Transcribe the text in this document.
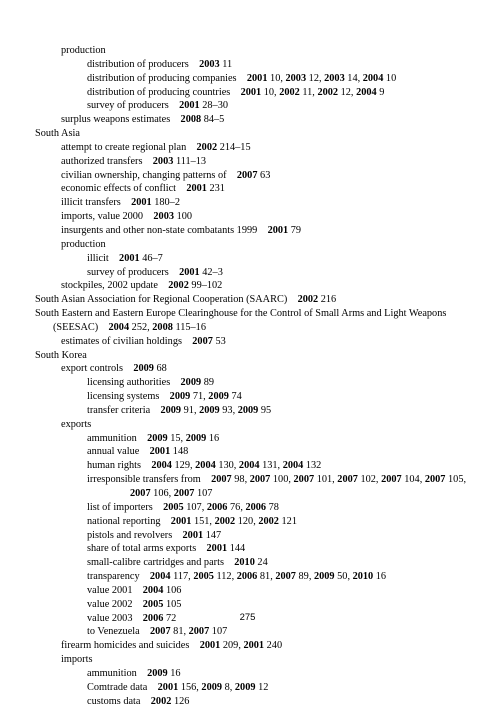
production
distribution of producers  2003 11
distribution of producing companies  2001 10, 2003 12, 2003 14, 2004 10
distribution of producing countries  2001 10, 2002 11, 2002 12, 2004 9
survey of producers  2001 28–30
surplus weapons estimates  2008 84–5
South Asia
attempt to create regional plan  2002 214–15
authorized transfers  2003 111–13
civilian ownership, changing patterns of  2007 63
economic effects of conflict  2001 231
illicit transfers  2001 180–2
imports, value 2000  2003 100
insurgents and other non-state combatants 1999  2001 79
production
illicit  2001 46–7
survey of producers  2001 42–3
stockpiles, 2002 update  2002 99–102
South Asian Association for Regional Cooperation (SAARC)  2002 216
South Eastern and Eastern Europe Clearinghouse for the Control of Small Arms and Light Weapons (SEESAC)  2004 252, 2008 115–16
estimates of civilian holdings  2007 53
South Korea
export controls  2009 68
licensing authorities  2009 89
licensing systems  2009 71, 2009 74
transfer criteria  2009 91, 2009 93, 2009 95
exports
ammunition  2009 15, 2009 16
annual value  2001 148
human rights  2004 129, 2004 130, 2004 131, 2004 132
irresponsible transfers from  2007 98, 2007 100, 2007 101, 2007 102, 2007 104, 2007 105,
2007 106, 2007 107
list of importers  2005 107, 2006 76, 2006 78
national reporting  2001 151, 2002 120, 2002 121
pistols and revolvers  2001 147
share of total arms exports  2001 144
small-calibre cartridges and parts  2010 24
transparency  2004 117, 2005 112, 2006 81, 2007 89, 2009 50, 2010 16
value 2001  2004 106
value 2002  2005 105
value 2003  2006 72
to Venezuela  2007 81, 2007 107
firearm homicides and suicides  2001 209, 2001 240
imports
ammunition  2009 16
Comtrade data  2001 156, 2009 8, 2009 12
customs data  2002 126
275
